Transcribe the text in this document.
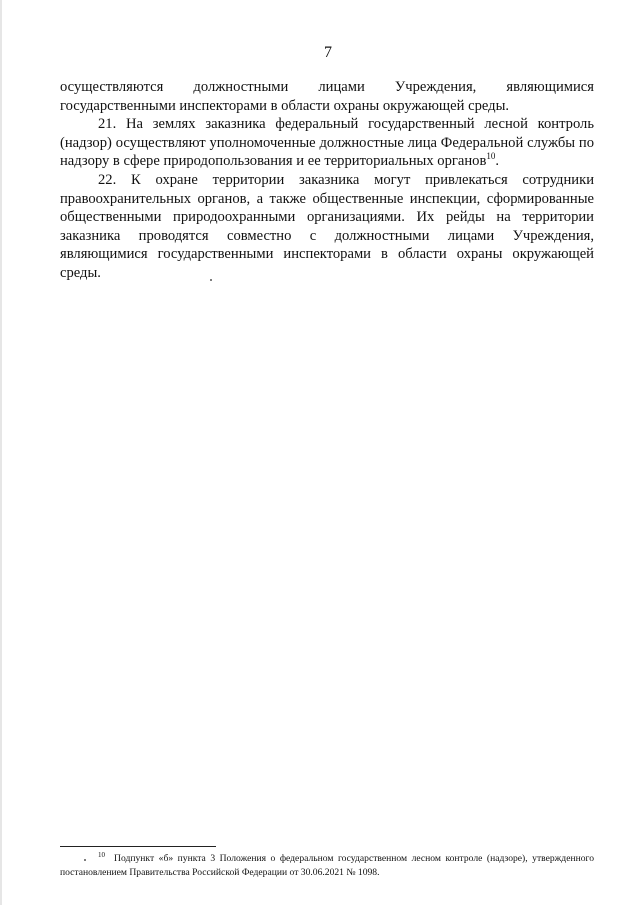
7

осуществляются должностными лицами Учреждения, являющимися государственными инспекторами в области охраны окружающей среды.

21. На землях заказника федеральный государственный лесной контроль (надзор) осуществляют уполномоченные должностные лица Федеральной службы по надзору в сфере природопользования и ее территориальных органов$^{10}$.

22. К охране территории заказника могут привлекаться сотрудники правоохранительных органов, а также общественные инспекции, сформированные общественными природоохранными организациями. Их рейды на территории заказника проводятся совместно с должностными лицами Учреждения, являющимися государственными инспекторами в области охраны окружающей среды.

$^{10}$ Подпункт «б» пункта 3 Положения о федеральном государственном лесном контроле (надзоре), утвержденного постановлением Правительства Российской Федерации от 30.06.2021 № 1098.
